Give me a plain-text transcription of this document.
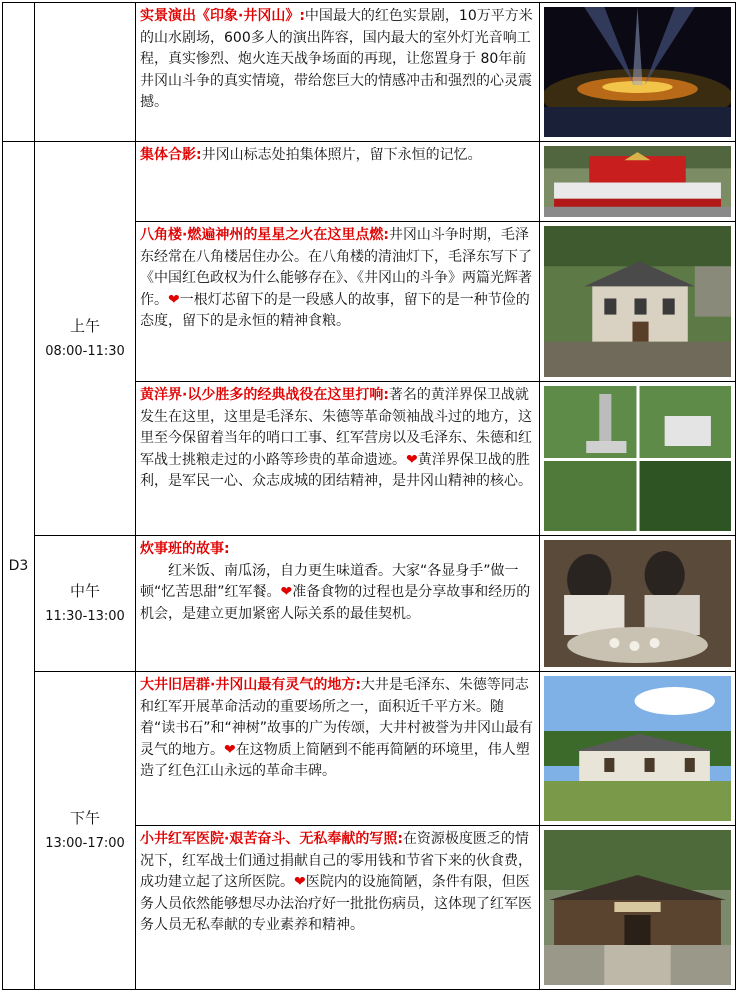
D3
上午
08:00-11:30
中午
11:30-13:00
下午
13:00-17:00
实景演出《印象·井冈山》:中国最大的红色实景剧，10万平方米的山水剧场，600多人的演出阵容，国内最大的室外灯光音响工程，真实惨烈、炮火连天战争场面的再现，让您置身于 80年前井冈山斗争的真实情境，带给您巨大的情感冲击和强烈的心灵震撼。
集体合影:井冈山标志处拍集体照片，留下永恒的记忆。
八角楼·燃遍神州的星星之火在这里点燃:井冈山斗争时期，毛泽东经常在八角楼居住办公。在八角楼的清油灯下，毛泽东写下了《中国红色政权为什么能够存在》、《井冈山的斗争》两篇光辉著作。❤一根灯芯留下的是一段感人的故事，留下的是一种节俭的态度，留下的是永恒的精神食粮。
黄洋界·以少胜多的经典战役在这里打响:著名的黄洋界保卫战就发生在这里，这里是毛泽东、朱德等革命领袖战斗过的地方，这里至今保留着当年的哨口工事、红军营房以及毛泽东、朱德和红军战士挑粮走过的小路等珍贵的革命遗迹。❤黄洋界保卫战的胜利，是军民一心、众志成城的团结精神，是井冈山精神的核心。
炊事班的故事:
　　红米饭、南瓜汤，自力更生味道香。大家“各显身手”做一顿“忆苦思甜”红军餐。❤准备食物的过程也是分享故事和经历的机会，是建立更加紧密人际关系的最佳契机。
大井旧居群·井冈山最有灵气的地方:大井是毛泽东、朱德等同志和红军开展革命活动的重要场所之一，面积近千平方米。随着“读书石”和“神树”故事的广为传颂，大井村被誉为井冈山最有灵气的地方。❤在这物质上简陋到不能再简陋的环境里，伟人塑造了红色江山永远的革命丰碑。
小井红军医院·艰苦奋斗、无私奉献的写照:在资源极度匮乏的情况下，红军战士们通过捐献自己的零用钱和节省下来的伙食费，成功建立起了这所医院。❤医院内的设施简陋，条件有限，但医务人员依然能够想尽办法治疗好一批批伤病员，这体现了红军医务人员无私奉献的专业素养和精神。
